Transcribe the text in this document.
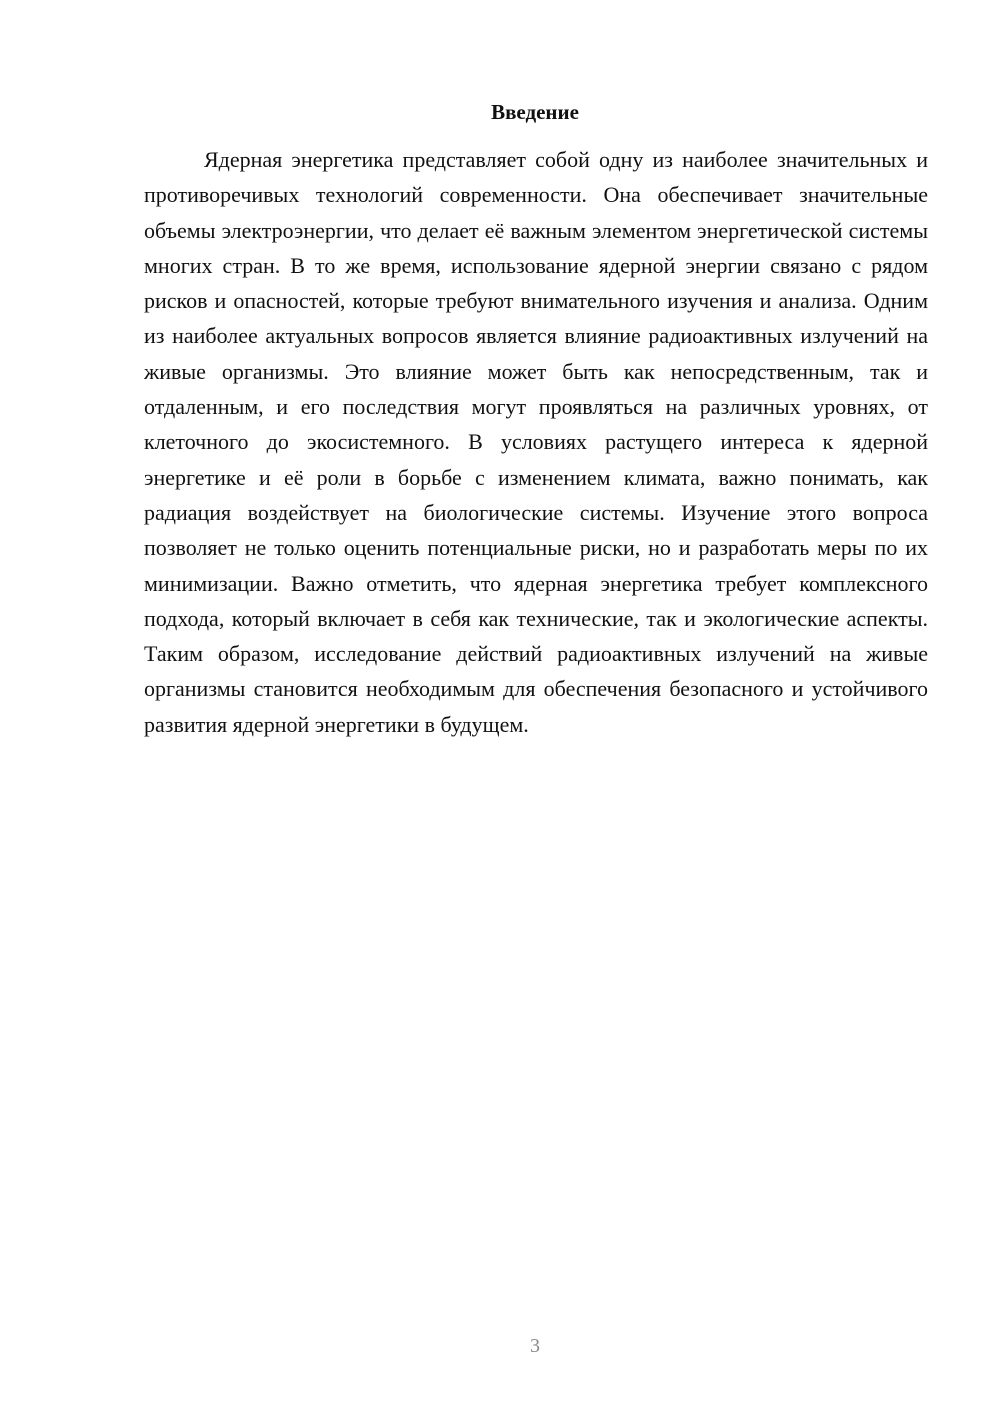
Введение

Ядерная энергетика представляет собой одну из наиболее значительных и противоречивых технологий современности. Она обеспечивает значительные объемы электроэнергии, что делает её важным элементом энергетической системы многих стран. В то же время, использование ядерной энергии связано с рядом рисков и опасностей, которые требуют внимательного изучения и анализа. Одним из наиболее актуальных вопросов является влияние радиоактивных излучений на живые организмы. Это влияние может быть как непосредственным, так и отдаленным, и его последствия могут проявляться на различных уровнях, от клеточного до экосистемного. В условиях растущего интереса к ядерной энергетике и её роли в борьбе с изменением климата, важно понимать, как радиация воздействует на биологические системы. Изучение этого вопроса позволяет не только оценить потенциальные риски, но и разработать меры по их минимизации. Важно отметить, что ядерная энергетика требует комплексного подхода, который включает в себя как технические, так и экологические аспекты. Таким образом, исследование действий радиоактивных излучений на живые организмы становится необходимым для обеспечения безопасного и устойчивого развития ядерной энергетики в будущем.

3
